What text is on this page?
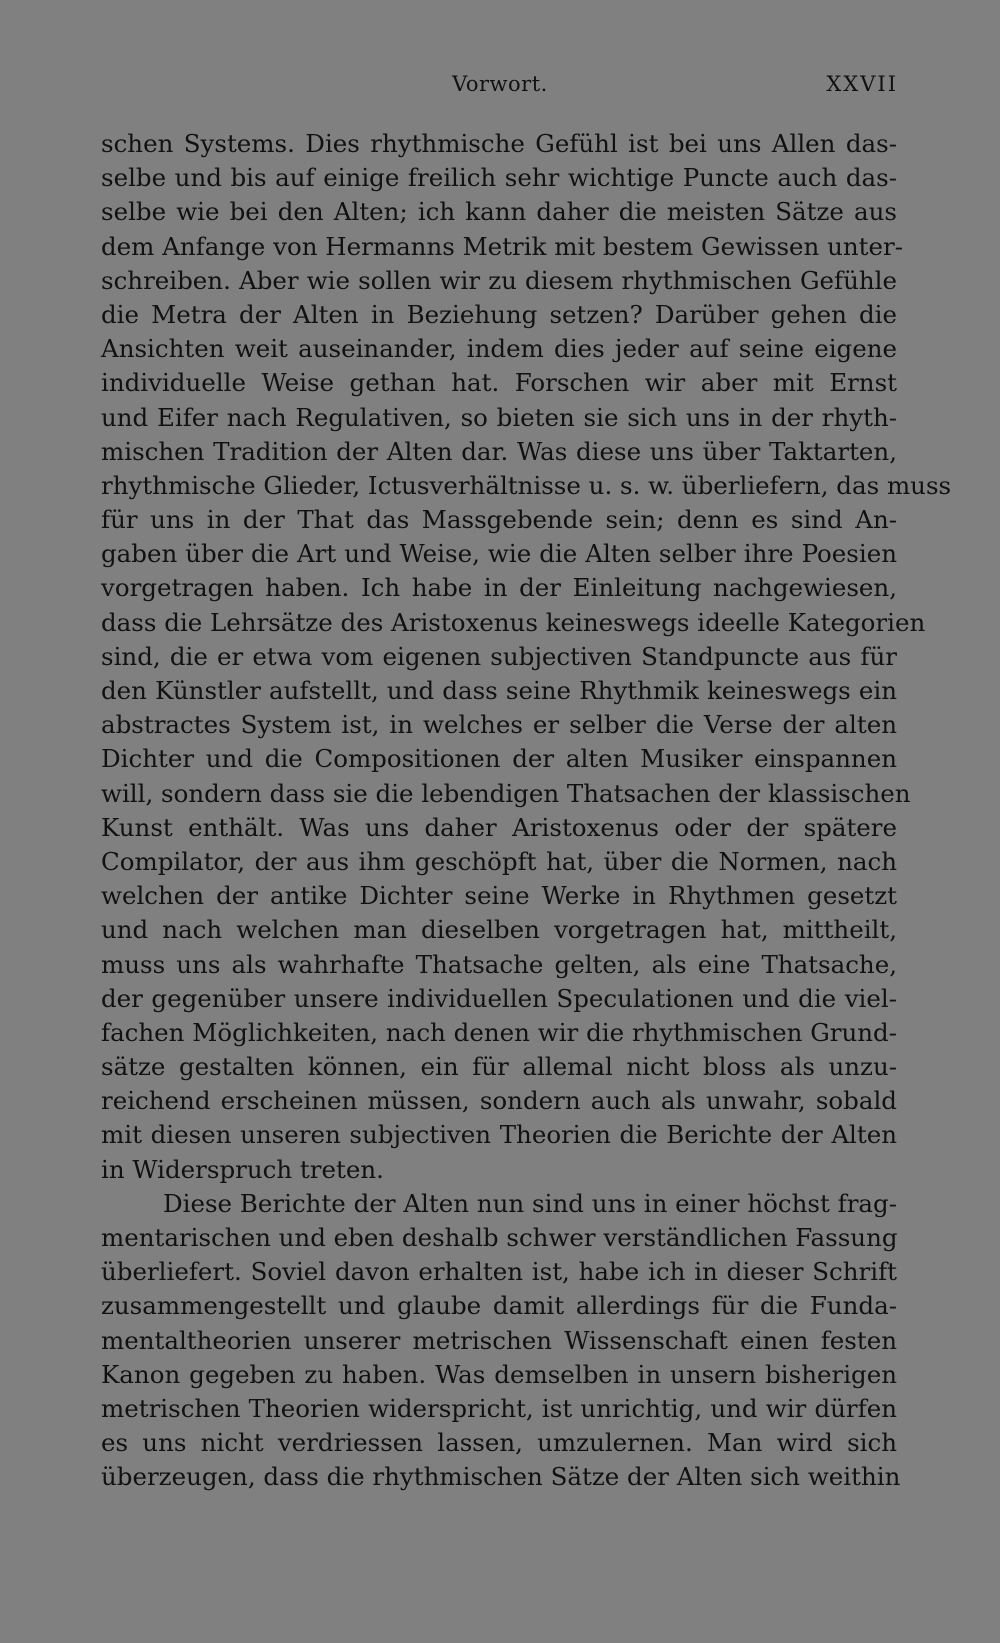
Vorwort.	XXVII
schen Systems. Dies rhythmische Gefühl ist bei uns Allen das-
selbe und bis auf einige freilich sehr wichtige Puncte auch das-
selbe wie bei den Alten; ich kann daher die meisten Sätze aus
dem Anfange von Hermanns Metrik mit bestem Gewissen unter-
schreiben. Aber wie sollen wir zu diesem rhythmischen Gefühle
die Metra der Alten in Beziehung setzen? Darüber gehen die
Ansichten weit auseinander, indem dies jeder auf seine eigene
individuelle Weise gethan hat. Forschen wir aber mit Ernst
und Eifer nach Regulativen, so bieten sie sich uns in der rhyth-
mischen Tradition der Alten dar. Was diese uns über Taktarten,
rhythmische Glieder, Ictusverhältnisse u. s. w. überliefern, das muss
für uns in der That das Massgebende sein; denn es sind An-
gaben über die Art und Weise, wie die Alten selber ihre Poesien
vorgetragen haben. Ich habe in der Einleitung nachgewiesen,
dass die Lehrsätze des Aristoxenus keineswegs ideelle Kategorien
sind, die er etwa vom eigenen subjectiven Standpuncte aus für
den Künstler aufstellt, und dass seine Rhythmik keineswegs ein
abstractes System ist, in welches er selber die Verse der alten
Dichter und die Compositionen der alten Musiker einspannen
will, sondern dass sie die lebendigen Thatsachen der klassischen
Kunst enthält. Was uns daher Aristoxenus oder der spätere
Compilator, der aus ihm geschöpft hat, über die Normen, nach
welchen der antike Dichter seine Werke in Rhythmen gesetzt
und nach welchen man dieselben vorgetragen hat, mittheilt,
muss uns als wahrhafte Thatsache gelten, als eine Thatsache,
der gegenüber unsere individuellen Speculationen und die viel-
fachen Möglichkeiten, nach denen wir die rhythmischen Grund-
sätze gestalten können, ein für allemal nicht bloss als unzu-
reichend erscheinen müssen, sondern auch als unwahr, sobald
mit diesen unseren subjectiven Theorien die Berichte der Alten
in Widerspruch treten.
Diese Berichte der Alten nun sind uns in einer höchst frag-
mentarischen und eben deshalb schwer verständlichen Fassung
überliefert. Soviel davon erhalten ist, habe ich in dieser Schrift
zusammengestellt und glaube damit allerdings für die Funda-
mentaltheorien unserer metrischen Wissenschaft einen festen
Kanon gegeben zu haben. Was demselben in unsern bisherigen
metrischen Theorien widerspricht, ist unrichtig, und wir dürfen
es uns nicht verdriessen lassen, umzulernen. Man wird sich
überzeugen, dass die rhythmischen Sätze der Alten sich weithin
